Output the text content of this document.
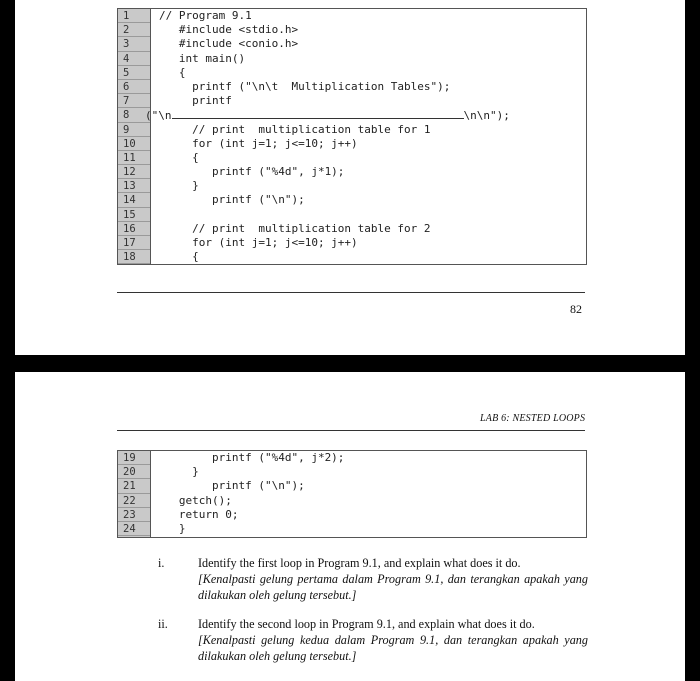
1
2
3
4
5
6
7
8
9
10
11
12
13
14
15
16
17
18
// Program 9.1
#include <stdio.h>
#include <conio.h>
int main()
{
printf ("\n\t  Multiplication Tables");
printf
("\n	\n\n");
// print  multiplication table for 1
for (int j=1; j<=10; j++)
{
printf ("%4d", j*1);
}
printf ("\n");
// print  multiplication table for 2
for (int j=1; j<=10; j++)
{
82
LAB 6: NESTED LOOPS
19
20
21
22
23
24
printf ("%4d", j*2);
}
printf ("\n");
getch();
return 0;
}
i.	Identify the first loop in Program 9.1, and explain what does it do.
[Kenalpasti gelung pertama dalam Program 9.1, dan terangkan apakah yang dilakukan oleh gelung tersebut.]
ii. Identify the second loop in Program 9.1, and explain what does it do.
[Kenalpasti gelung kedua dalam Program 9.1, dan terangkan apakah yang dilakukan oleh gelung tersebut.]
